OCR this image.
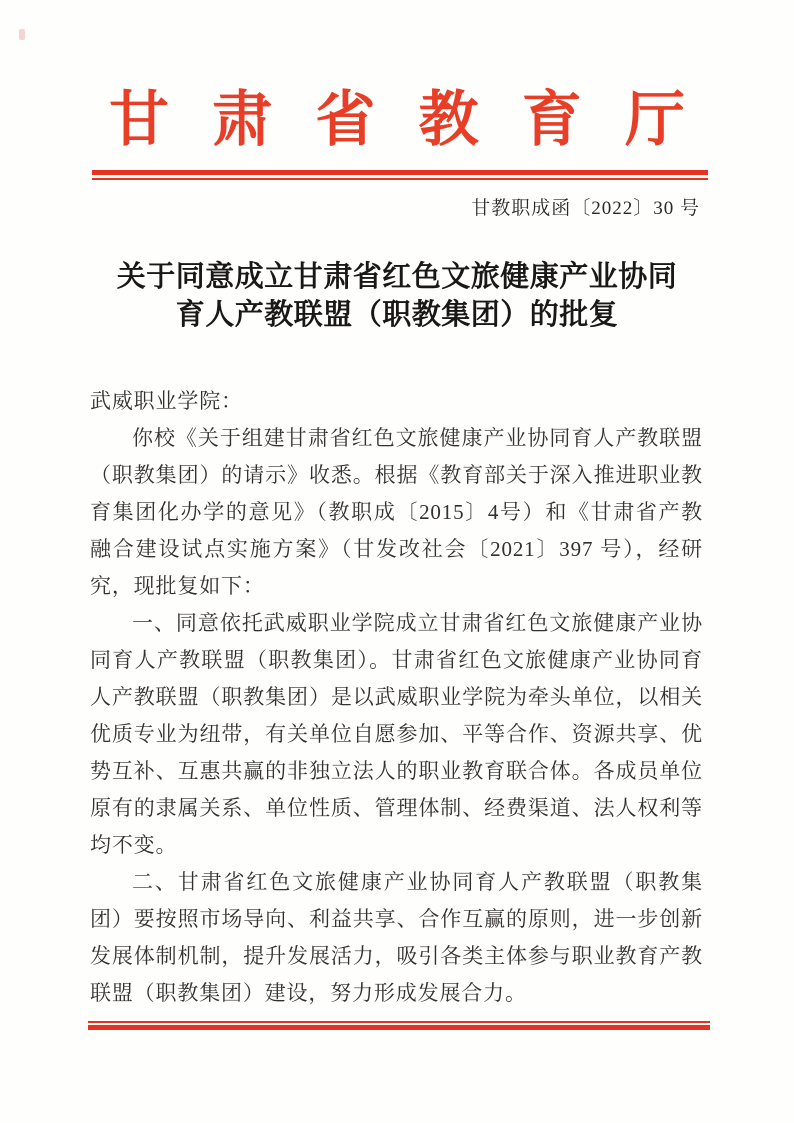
甘肃省教育厅
甘教职成函〔2022〕30 号
关于同意成立甘肃省红色文旅健康产业协同
育人产教联盟（职教集团）的批复

武威职业学院：

你校《关于组建甘肃省红色文旅健康产业协同育人产教联盟（职教集团）的请示》收悉。根据《教育部关于深入推进职业教育集团化办学的意见》（教职成〔2015〕4号）和《甘肃省产教融合建设试点实施方案》（甘发改社会〔2021〕397 号），经研究，现批复如下：

一、同意依托武威职业学院成立甘肃省红色文旅健康产业协同育人产教联盟（职教集团）。甘肃省红色文旅健康产业协同育人产教联盟（职教集团）是以武威职业学院为牵头单位，以相关优质专业为纽带，有关单位自愿参加、平等合作、资源共享、优势互补、互惠共赢的非独立法人的职业教育联合体。各成员单位原有的隶属关系、单位性质、管理体制、经费渠道、法人权利等均不变。

二、甘肃省红色文旅健康产业协同育人产教联盟（职教集团）要按照市场导向、利益共享、合作互赢的原则，进一步创新发展体制机制，提升发展活力，吸引各类主体参与职业教育产教联盟（职教集团）建设，努力形成发展合力。
